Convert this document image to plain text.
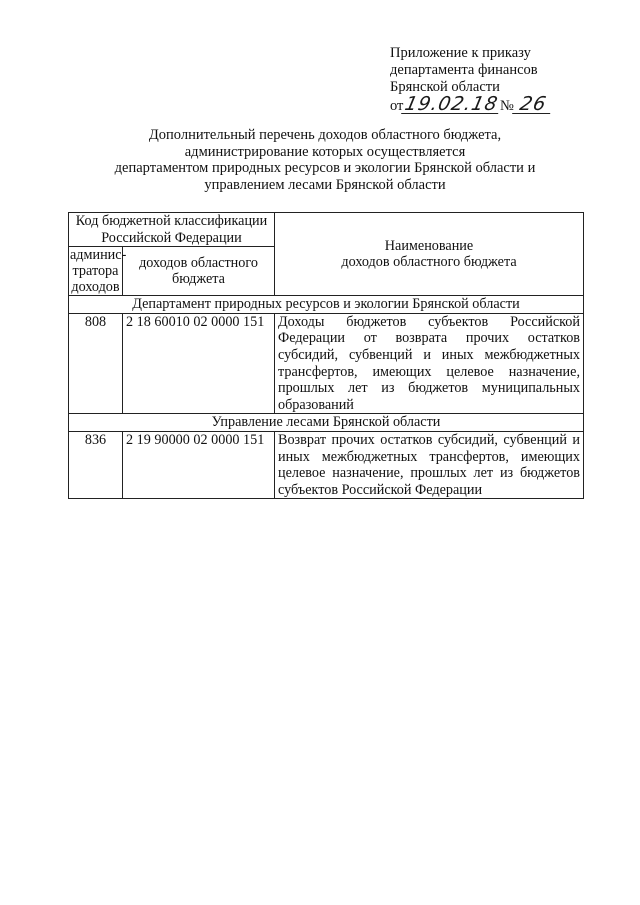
Приложение к приказу
департамента финансов
Брянской области
от19.02.18№ 26
Дополнительный перечень доходов областного бюджета,
администрирование которых осуществляется
департаментом природных ресурсов и экологии Брянской области и
управлением лесами Брянской области
Код бюджетной классификации Российской Федерации		Наименование
доходов областного бюджета

админис-тратора доходов	доходов областного бюджета	
Департамент природных ресурсов и экологии Брянской области		
808	2 18 60010 02 0000 151	Доходы бюджетов субъектов Российской Федерации от возврата прочих остатков субсидий, субвенций и иных межбюджетных трансфертов, имеющих целевое назначение, прошлых лет из бюджетов муниципальных образований
Управление лесами Брянской области		
836	2 19 90000 02 0000 151	Возврат прочих остатков субсидий, субвенций и иных межбюджетных трансфертов, имеющих целевое назначение, прошлых лет из бюджетов субъектов Российской Федерации
